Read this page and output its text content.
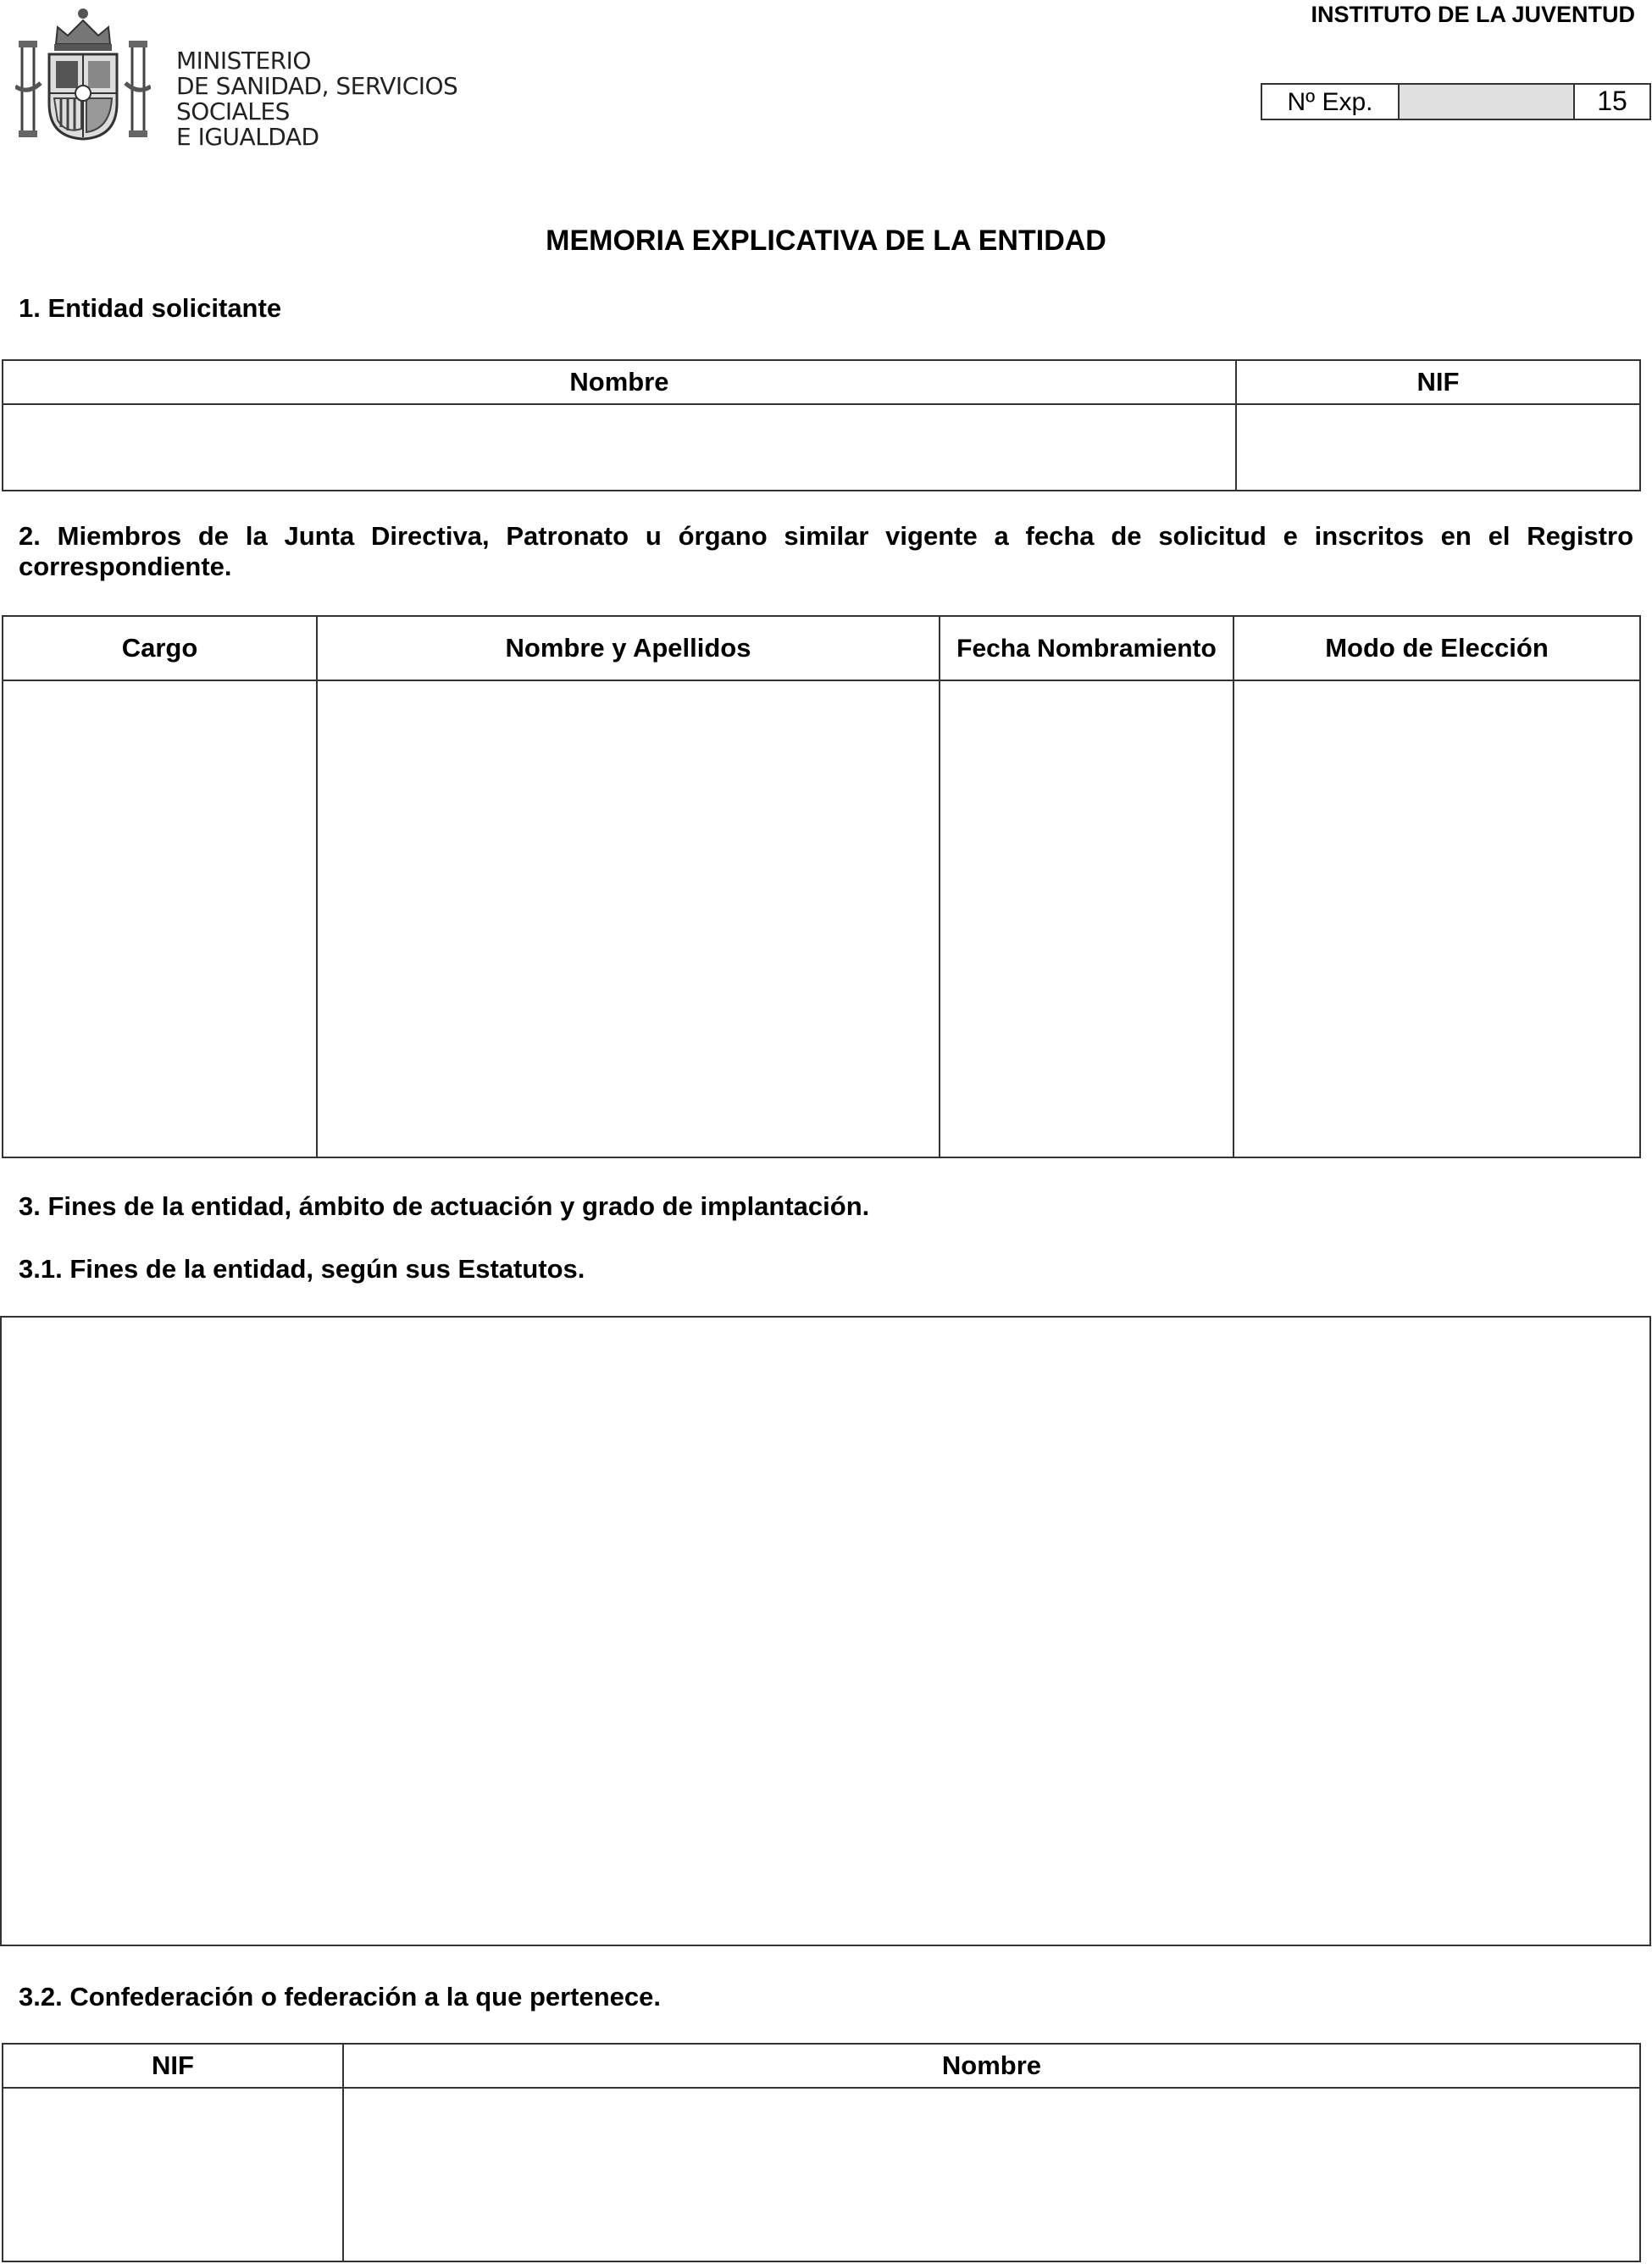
MINISTERIO
DE SANIDAD, SERVICIOS SOCIALES
E IGUALDAD
INSTITUTO DE LA JUVENTUD
Nº Exp.		15
MEMORIA EXPLICATIVA DE LA ENTIDAD
1. Entidad solicitante
Nombre	NIF

2. Miembros de la Junta Directiva, Patronato u órgano similar vigente a fecha de solicitud e inscritos en el Registro correspondiente.
Cargo	Nombre y Apellidos	Fecha Nombramiento	Modo de Elección

3. Fines de la entidad, ámbito de actuación y grado de implantación.
3.1. Fines de la entidad, según sus Estatutos.
3.2. Confederación o federación a la que pertenece.
NIF	Nombre
